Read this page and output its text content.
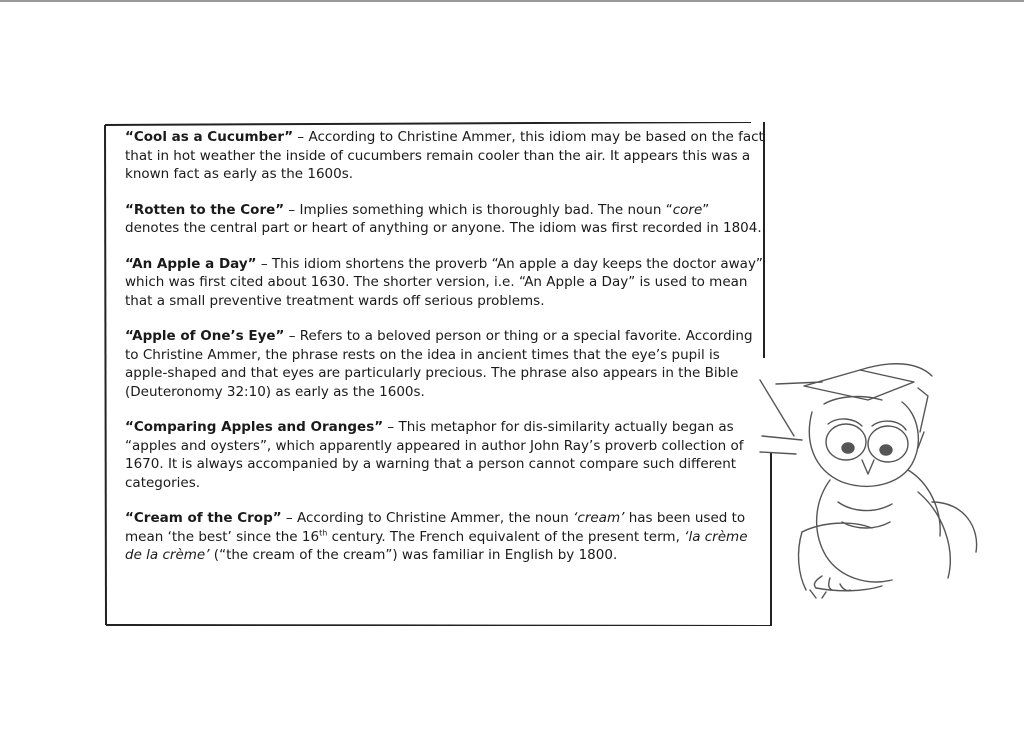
“Cool as a Cucumber” – According to Christine Ammer, this idiom may be based on the fact that in hot weather the inside of cucumbers remain cooler than the air. It appears this was a known fact as early as the 1600s.

“Rotten to the Core” – Implies something which is thoroughly bad. The noun “core” denotes the central part or heart of anything or anyone. The idiom was first recorded in 1804.

“An Apple a Day” – This idiom shortens the proverb “An apple a day keeps the doctor away” which was first cited about 1630. The shorter version, i.e. “An Apple a Day” is used to mean that a small preventive treatment wards off serious problems.

“Apple of One’s Eye” – Refers to a beloved person or thing or a special favorite. According to Christine Ammer, the phrase rests on the idea in ancient times that the eye’s pupil is apple-shaped and that eyes are particularly precious. The phrase also appears in the Bible (Deuteronomy 32:10) as early as the 1600s.

“Comparing Apples and Oranges” – This metaphor for dis-similarity actually began as “apples and oysters”, which apparently appeared in author John Ray’s proverb collection of 1670. It is always accompanied by a warning that a person cannot compare such different categories.

“Cream of the Crop” – According to Christine Ammer, the noun ‘cream’ has been used to mean ‘the best’ since the 16th century. The French equivalent of the present term, ‘la crème de la crème’ (“the cream of the cream”) was familiar in English by 1800.
